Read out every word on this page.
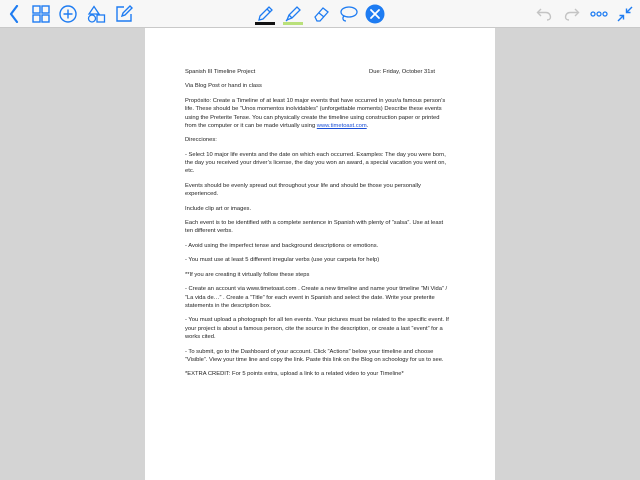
Spanish III Timeline Project	Due: Friday, October 31st

Via Blog Post or hand in class

Propósito: Create a Timeline of at least 10 major events that have occurred in your/a famous person’s life. These should be “Unos momentos inolvidables” (unforgettable moments) Describe these events using the Preterite Tense. You can physically create the timeline using construction paper or printed from the computer or it can be made virtually using www.timetoast.com.

Direcciones:

- Select 10 major life events and the date on which each occurred. Examples: The day you were born, the day you received your driver’s license, the day you won an award, a special vacation you went on, etc.

Events should be evenly spread out throughout your life and should be those you personally experienced.

Include clip art or images.

Each event is to be identified with a complete sentence in Spanish with plenty of “salsa”. Use at least ten different verbs.

- Avoid using the imperfect tense and background descriptions or emotions.

- You must use at least 5 different irregular verbs (use your carpeta for help)

**If you are creating it virtually follow these steps

- Create an account via www.timetoast.com . Create a new timeline and name your timeline “Mi Vida” / “La vida de…” . Create a “Title” for each event in Spanish and select the date. Write your preterite statements in the description box.

- You must upload a photograph for all ten events. Your pictures must be related to the specific event. If your project is about a famous person, cite the source in the description, or create a last “event” for a works cited.

- To submit, go to the Dashboard of your account. Click “Actions” below your timeline and choose “Visible”. View your time line and copy the link. Paste this link on the Blog on schoology for us to see.

*EXTRA CREDIT: For 5 points extra, upload a link to a related video to your Timeline*
